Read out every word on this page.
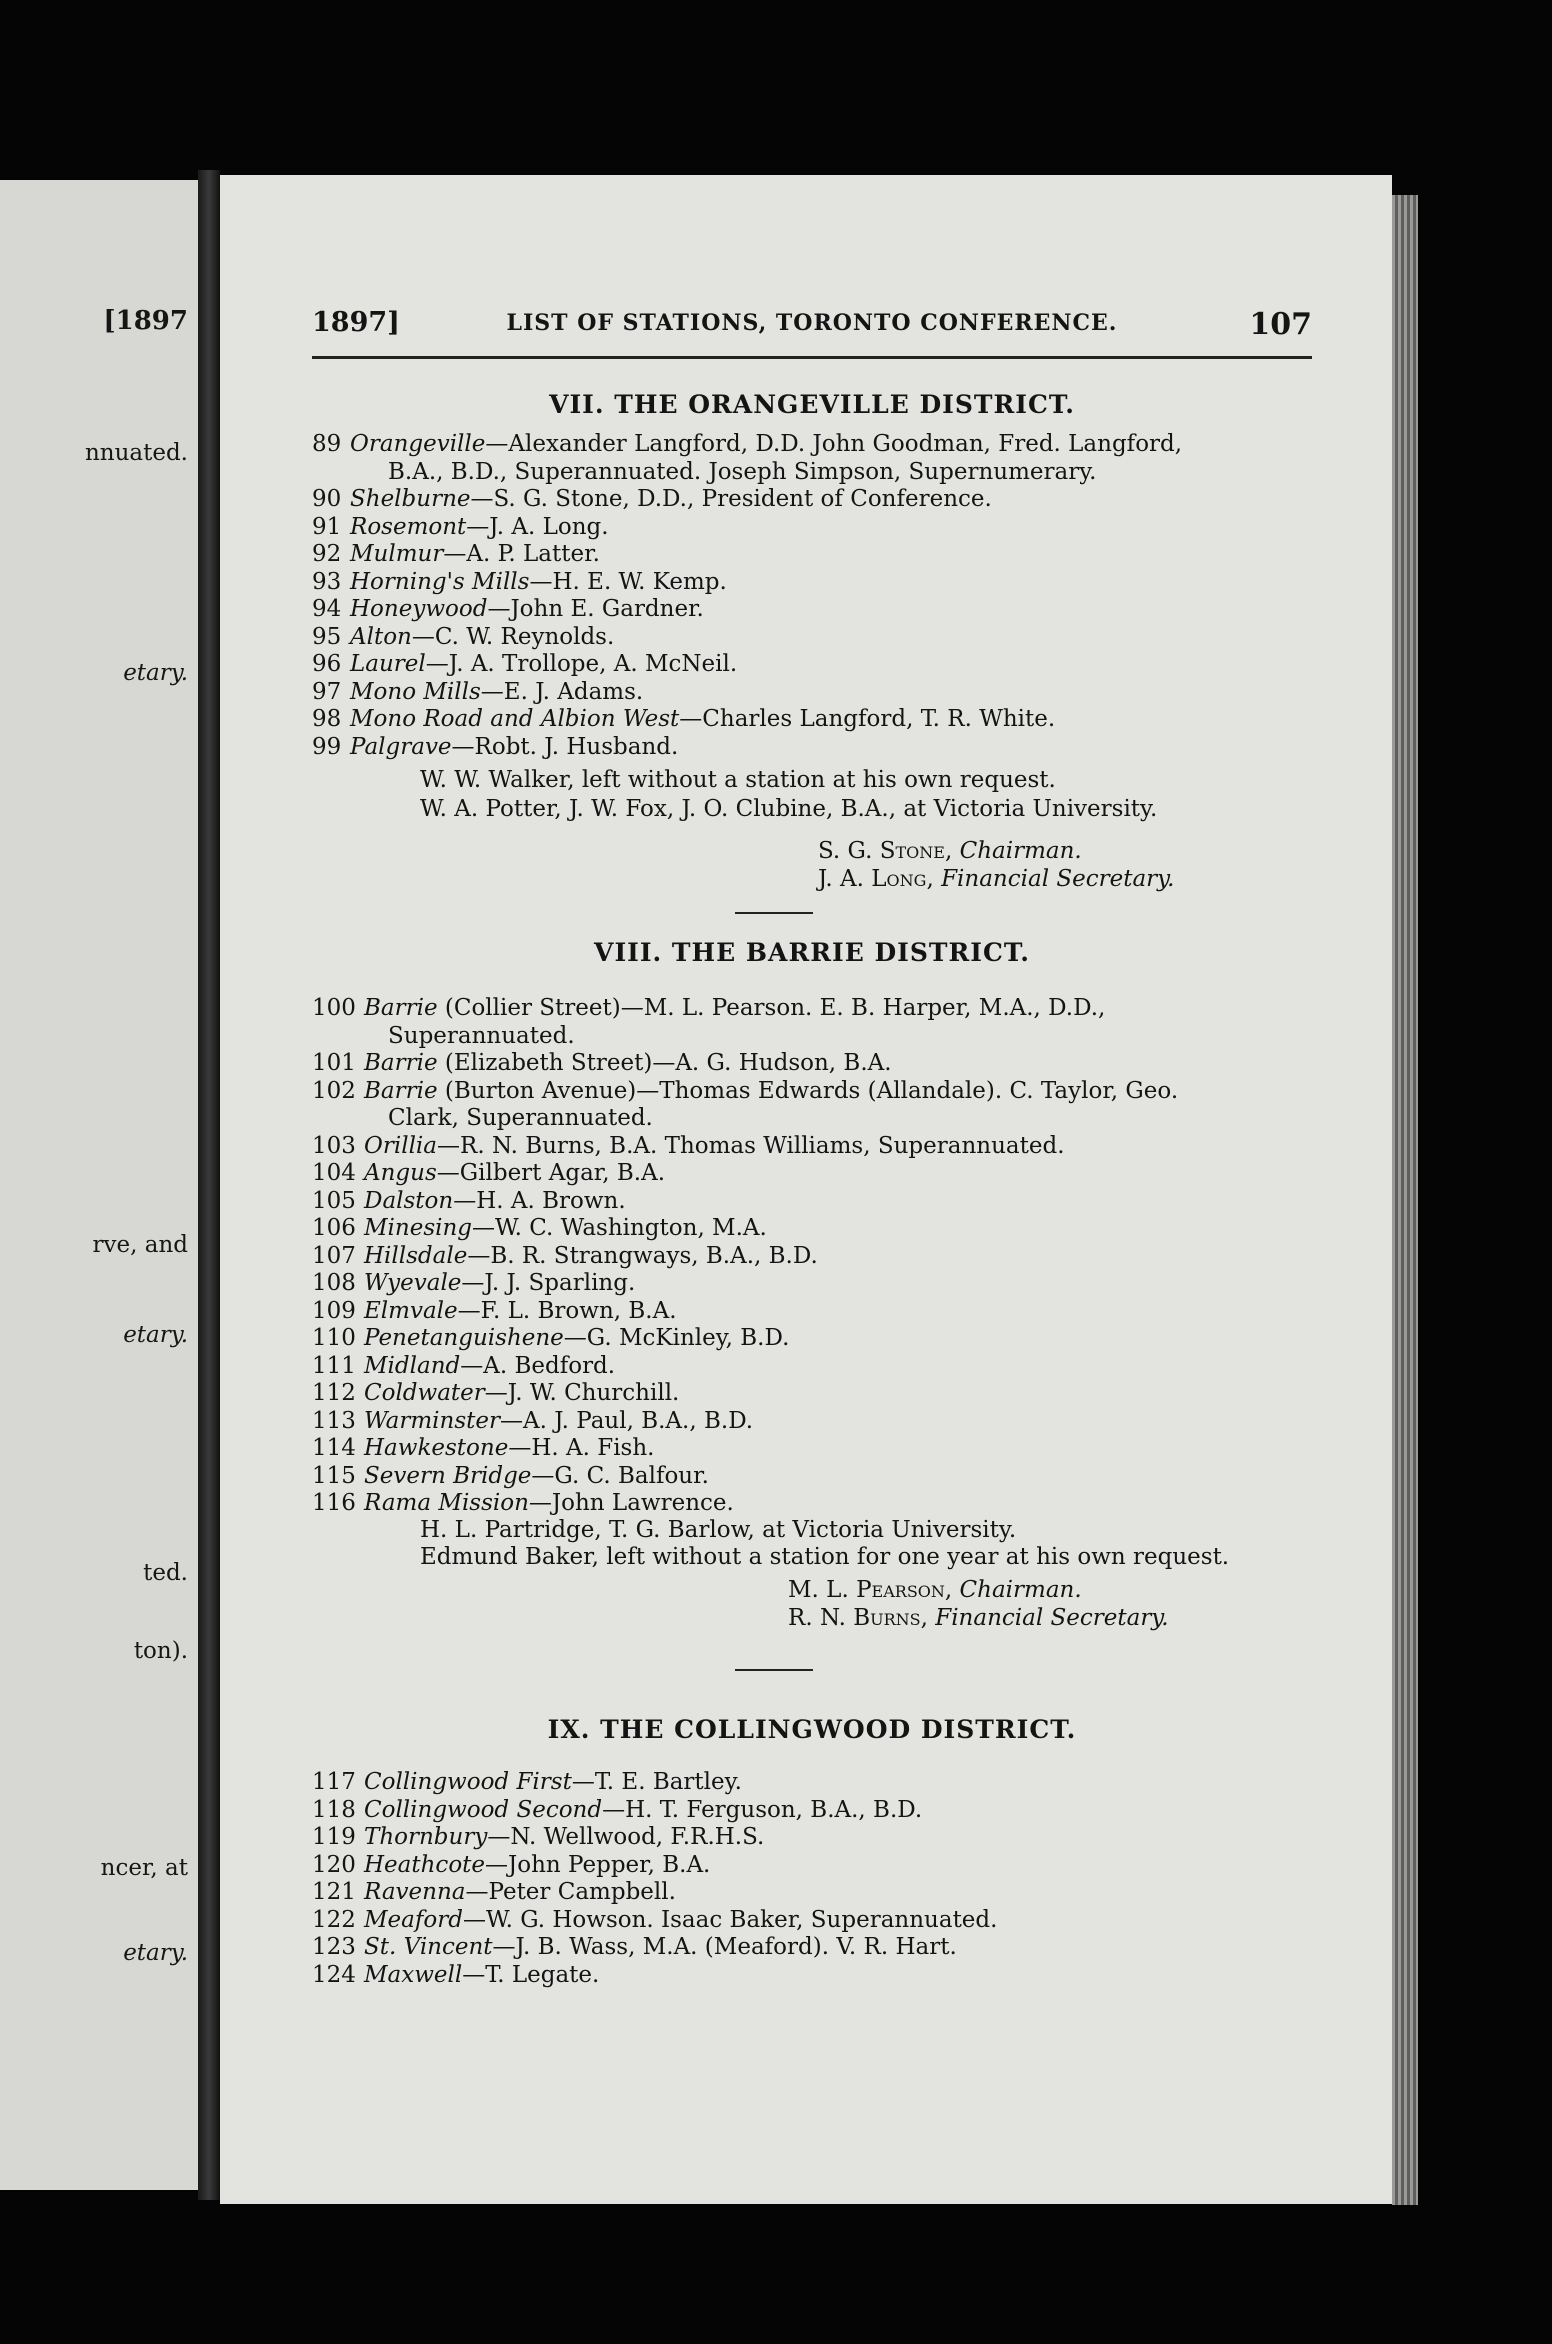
[1897
nnuated.
etary.
rve, and
etary.
ted.
ton).
ncer, at
etary.
1897]	LIST OF STATIONS, TORONTO CONFERENCE.	107
VII. THE ORANGEVILLE DISTRICT.
89 Orangeville—Alexander Langford, D.D. John Goodman, Fred. Langford,
B.A., B.D., Superannuated. Joseph Simpson, Supernumerary.
90 Shelburne—S. G. Stone, D.D., President of Conference.
91 Rosemont—J. A. Long.
92 Mulmur—A. P. Latter.
93 Horning's Mills—H. E. W. Kemp.
94 Honeywood—John E. Gardner.
95 Alton—C. W. Reynolds.
96 Laurel—J. A. Trollope, A. McNeil.
97 Mono Mills—E. J. Adams.
98 Mono Road and Albion West—Charles Langford, T. R. White.
99 Palgrave—Robt. J. Husband.
W. W. Walker, left without a station at his own request.
W. A. Potter, J. W. Fox, J. O. Clubine, B.A., at Victoria University.
S. G. Stone, Chairman.
J. A. Long, Financial Secretary.
VIII. THE BARRIE DISTRICT.
100 Barrie (Collier Street)—M. L. Pearson. E. B. Harper, M.A., D.D.,
Superannuated.
101 Barrie (Elizabeth Street)—A. G. Hudson, B.A.
102 Barrie (Burton Avenue)—Thomas Edwards (Allandale). C. Taylor, Geo.
Clark, Superannuated.
103 Orillia—R. N. Burns, B.A. Thomas Williams, Superannuated.
104 Angus—Gilbert Agar, B.A.
105 Dalston—H. A. Brown.
106 Minesing—W. C. Washington, M.A.
107 Hillsdale—B. R. Strangways, B.A., B.D.
108 Wyevale—J. J. Sparling.
109 Elmvale—F. L. Brown, B.A.
110 Penetanguishene—G. McKinley, B.D.
111 Midland—A. Bedford.
112 Coldwater—J. W. Churchill.
113 Warminster—A. J. Paul, B.A., B.D.
114 Hawkestone—H. A. Fish.
115 Severn Bridge—G. C. Balfour.
116 Rama Mission—John Lawrence.
H. L. Partridge, T. G. Barlow, at Victoria University.
Edmund Baker, left without a station for one year at his own request.
M. L. Pearson, Chairman.
R. N. Burns, Financial Secretary.
IX. THE COLLINGWOOD DISTRICT.
117 Collingwood First—T. E. Bartley.
118 Collingwood Second—H. T. Ferguson, B.A., B.D.
119 Thornbury—N. Wellwood, F.R.H.S.
120 Heathcote—John Pepper, B.A.
121 Ravenna—Peter Campbell.
122 Meaford—W. G. Howson. Isaac Baker, Superannuated.
123 St. Vincent—J. B. Wass, M.A. (Meaford). V. R. Hart.
124 Maxwell—T. Legate.
